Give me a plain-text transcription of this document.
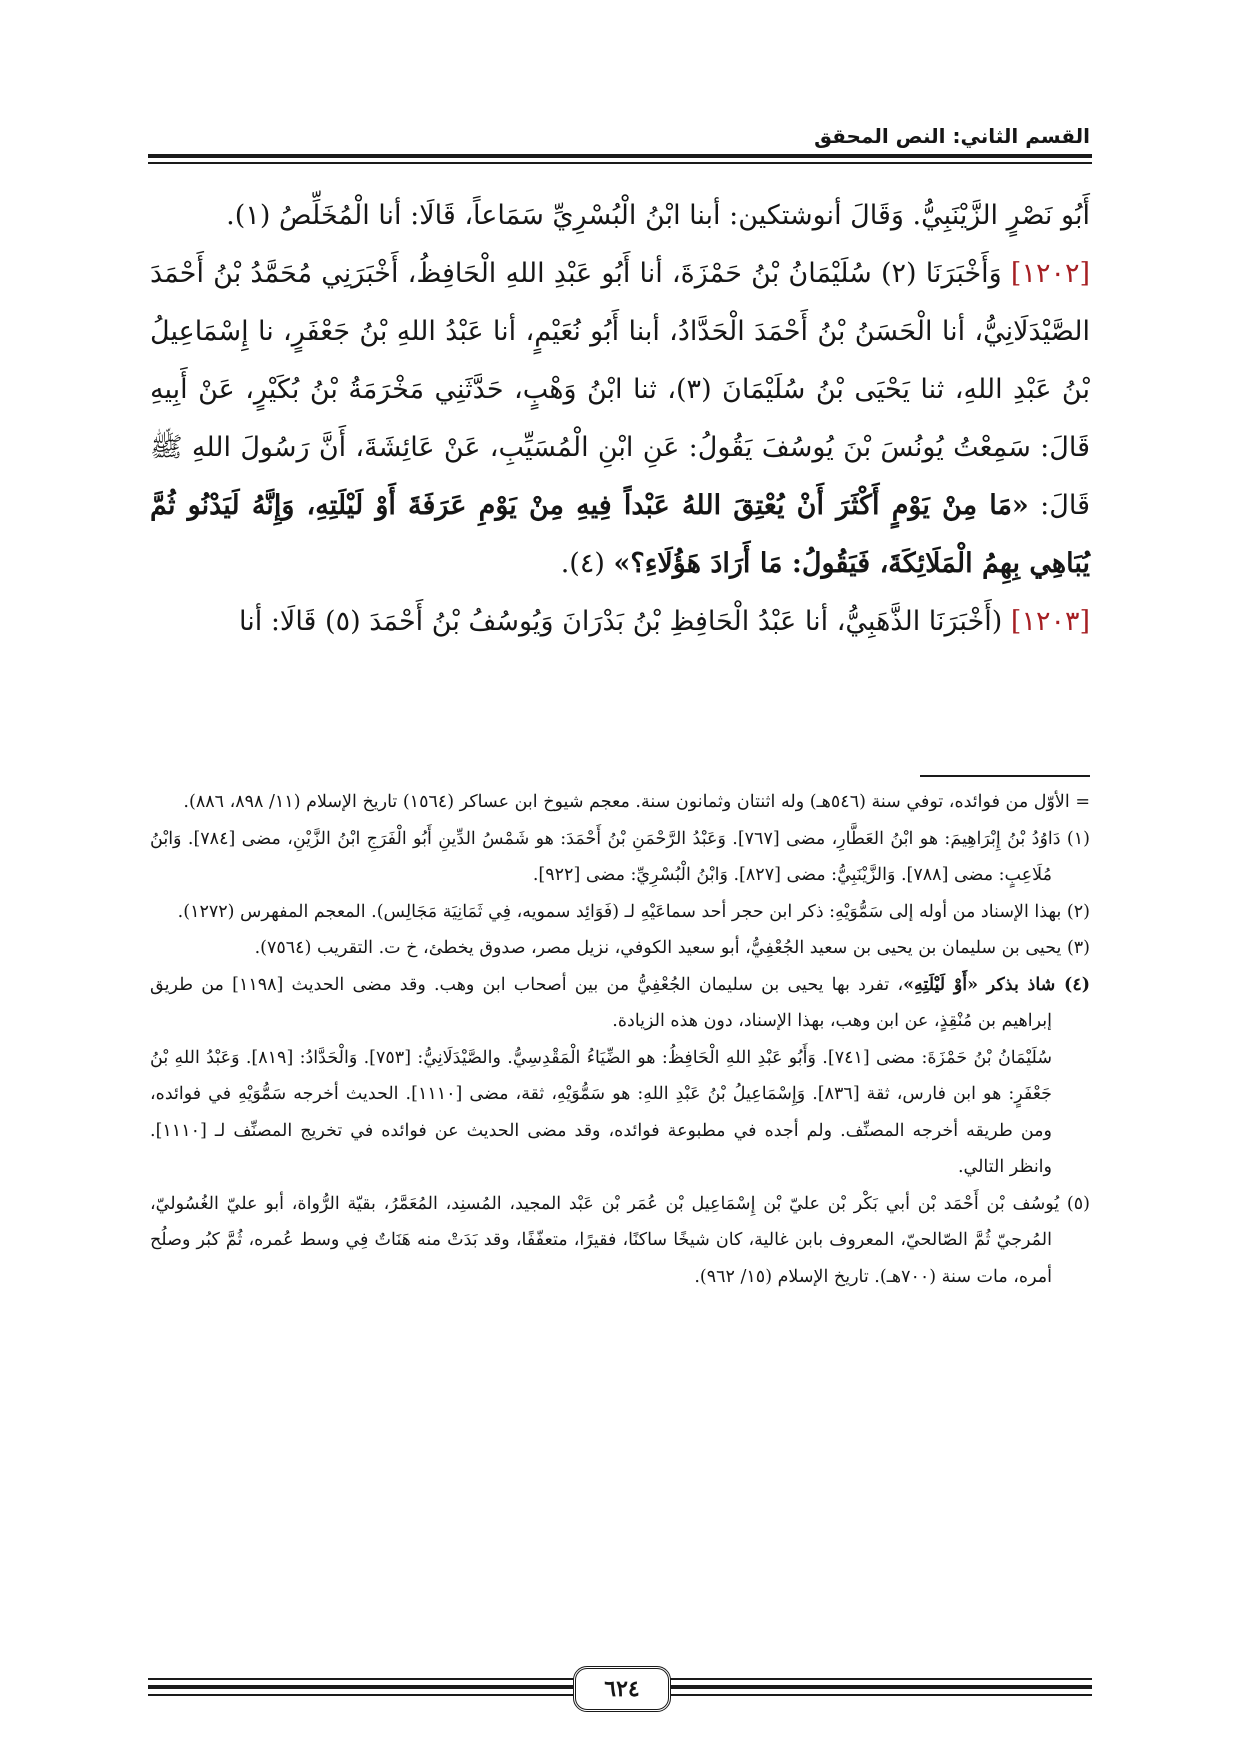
القسم الثاني: النص المحقق

أَبُو نَصْرٍ الزَّيْنَبِيُّ. وَقَالَ أنوشتكين: أبنا ابْنُ الْبُسْرِيِّ سَمَاعاً، قَالَا: أنا الْمُخَلِّصُ (١).

[١٢٠٢] وَأَخْبَرَنَا (٢) سُلَيْمَانُ بْنُ حَمْزَةَ، أنا أَبُو عَبْدِ اللهِ الْحَافِظُ، أَخْبَرَنِي مُحَمَّدُ بْنُ أَحْمَدَ الصَّيْدَلَانِيُّ، أنا الْحَسَنُ بْنُ أَحْمَدَ الْحَدَّادُ، أبنا أَبُو نُعَيْمٍ، أنا عَبْدُ اللهِ بْنُ جَعْفَرٍ، نا إِسْمَاعِيلُ بْنُ عَبْدِ اللهِ، ثنا يَحْيَى بْنُ سُلَيْمَانَ (٣)، ثنا ابْنُ وَهْبٍ، حَدَّثَنِي مَخْرَمَةُ بْنُ بُكَيْرٍ، عَنْ أَبِيهِ قَالَ: سَمِعْتُ يُونُسَ بْنَ يُوسُفَ يَقُولُ: عَنِ ابْنِ الْمُسَيِّبِ، عَنْ عَائِشَةَ، أَنَّ رَسُولَ اللهِ ﷺ قَالَ: «مَا مِنْ يَوْمٍ أَكْثَرَ أَنْ يُعْتِقَ اللهُ عَبْداً فِيهِ مِنْ يَوْمِ عَرَفَةَ أَوْ لَيْلَتِهِ، وَإِنَّهُ لَيَدْنُو ثُمَّ يُبَاهِي بِهِمُ الْمَلَائِكَةَ، فَيَقُولُ: مَا أَرَادَ هَؤُلَاءِ؟» (٤).

[١٢٠٣] (أَخْبَرَنَا الذَّهَبِيُّ، أنا عَبْدُ الْحَافِظِ بْنُ بَدْرَانَ وَيُوسُفُ بْنُ أَحْمَدَ (٥) قَالَا: أنا

= الأوّل من فوائده، توفي سنة (٥٤٦هـ) وله اثنتان وثمانون سنة. معجم شيوخ ابن عساكر (١٥٦٤) تاريخ الإسلام (١١/ ٨٩٨، ٨٨٦).

(١) دَاوُدُ بْنُ إِبْرَاهِيمَ: هو ابْنُ العَطَّارِ، مضى [٧٦٧]. وَعَبْدُ الرَّحْمَنِ بْنُ أَحْمَدَ: هو شَمْسُ الدِّينِ أَبُو الْفَرَجِ ابْنُ الزَّيْنِ، مضى [٧٨٤]. وَابْنُ مُلَاعِبٍ: مضى [٧٨٨]. وَالزَّيْنَبِيُّ: مضى [٨٢٧]. وَابْنُ الْبُسْرِيِّ: مضى [٩٢٢].

(٢) بهذا الإسناد من أوله إلى سَمُّوَيْهِ: ذكر ابن حجر أحد سماعَيْهِ لـ (فَوَائِد سمويه، فِي ثَمَانِيَة مَجَالِس). المعجم المفهرس (١٢٧٢).

(٣) يحيى بن سليمان بن يحيى بن سعيد الجُعْفِيُّ، أبو سعيد الكوفي، نزيل مصر، صدوق يخطئ، خ ت. التقريب (٧٥٦٤).

(٤) شاذ بذكر «أَوْ لَيْلَتِهِ»، تفرد بها يحيى بن سليمان الجُعْفِيُّ من بين أصحاب ابن وهب. وقد مضى الحديث [١١٩٨] من طريق إبراهيم بن مُنْقِذٍ، عن ابن وهب، بهذا الإسناد، دون هذه الزيادة.

سُلَيْمَانُ بْنُ حَمْزَةَ: مضى [٧٤١]. وَأَبُو عَبْدِ اللهِ الْحَافِظُ: هو الضِّيَاءُ الْمَقْدِسِيُّ. والصَّيْدَلَانِيُّ: [٧٥٣]. وَالْحَدَّادُ: [٨١٩]. وَعَبْدُ اللهِ بْنُ جَعْفَرٍ: هو ابن فارس، ثقة [٨٣٦]. وَإِسْمَاعِيلُ بْنُ عَبْدِ اللهِ: هو سَمُّوَيْهِ، ثقة، مضى [١١١٠]. الحديث أخرجه سَمُّوَيْهِ في فوائده، ومن طريقه أخرجه المصنِّف. ولم أجده في مطبوعة فوائده، وقد مضى الحديث عن فوائده في تخريج المصنِّف لـ [١١١٠]. وانظر التالي.

(٥) يُوسُف بْن أَحْمَد بْن أبي بَكْر بْن عليّ بْن إِسْمَاعِيل بْن عُمَر بْن عَبْد المجيد، المُسنِد، المُعَمَّرُ، بقيّة الرُّواة، أبو عليّ الغُسُوليّ، المُرجيّ ثُمَّ الصّالحيّ، المعروف بابن غالية، كان شيخًا ساكنًا، فقيرًا، متعفّفًا، وقد بَدَتْ منه هَنَاتٌ فِي وسط عُمره، ثُمَّ كبُر وصلُح أمره، مات سنة (٧٠٠هـ). تاريخ الإسلام (١٥/ ٩٦٢).

٦٢٤
